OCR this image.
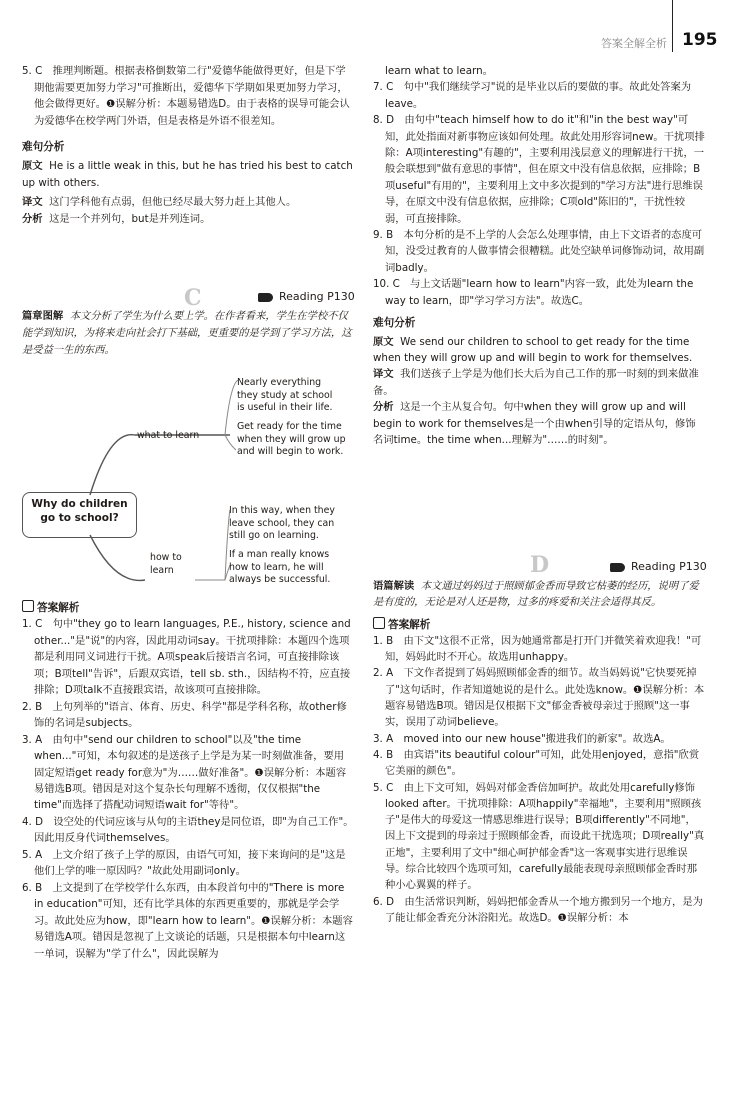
答案全解全析 195

5. C　推理判断题。根据表格倒数第二行"爱德华能做得更好，但是下学期他需要更加努力学习"可推断出，爱德华下学期如果更加努力学习，他会做得更好。❶误解分析：本题易错选D。由于表格的误导可能会认为爱德华在校学两门外语，但是表格是外语不很差知。

难句分析

原文 He is a little weak in this, but he has tried his best to catch up with others.

译文 这门学科他有点弱，但他已经尽最大努力赶上其他人。

分析 这是一个并列句，but是并列连词。

C	Reading P130

篇章图解 本文分析了学生为什么要上学。在作者看来，学生在学校不仅能学到知识，为将来走向社会打下基础，更重要的是学到了学习方法，这是受益一生的东西。

Why do children go to school?
what to learn
how to learn
Nearly everything they study at school is useful in their life.
Get ready for the time when they will grow up and will begin to work.
In this way, when they leave school, they can still go on learning.
If a man really knows how to learn, he will always be successful.

答案解析

1. C　句中"they go to learn languages, P.E., history, science and other..."是"说"的内容，因此用动词say。干扰项排除：本题四个选项都是利用同义词进行干扰。A项speak后接语言名词，可直接排除该项；B项tell"告诉"，后跟双宾语，tell sb. sth.，因结构不符，应直接排除；D项talk不直接跟宾语，故该项可直接排除。

2. B　上句列举的"语言、体育、历史、科学"都是学科名称，故other修饰的名词是subjects。

3. A　由句中"send our children to school"以及"the time when..."可知，本句叙述的是送孩子上学是为某一时刻做准备，要用固定短语get ready for意为"为……做好准备"。❶误解分析：本题容易错选B项。错因是对这个复杂长句理解不透彻，仅仅根据"the time"而选择了搭配动词短语wait for"等待"。

4. D　设空处的代词应该与从句的主语they是同位语，即"为自己工作"。因此用反身代词themselves。

5. A　上文介绍了孩子上学的原因，由语气可知，接下来询问的是"这是他们上学的唯一原因吗？"故此处用副词only。

6. B　上文提到了在学校学什么东西，由本段首句中的"There is more in education"可知，还有比学具体的东西更重要的，那就是学会学习。故此处应为how，即"learn how to learn"。❶误解分析：本题容易错选A项。错因是忽视了上文谈论的话题，只是根据本句中learn这一单词，误解为"学了什么"，因此误解为

learn what to learn。

7. C　句中"我们继续学习"说的是毕业以后的要做的事。故此处答案为leave。

8. D　由句中"teach himself how to do it"和"in the best way"可知，此处指面对新事物应该如何处理。故此处用形容词new。干扰项排除：A项interesting"有趣的"，主要利用浅层意义的理解进行干扰，一般会联想到"做有意思的事情"，但在原文中没有信息依据，应排除；B项useful"有用的"，主要利用上文中多次提到的"学习方法"进行思维误导，在原文中没有信息依据，应排除；C项old"陈旧的"，干扰性较弱，可直接排除。

9. B　本句分析的是不上学的人会怎么处理事情，由上下文语者的态度可知，没受过教育的人做事情会很糟糕。此处空缺单词修饰动词，故用副词badly。

10. C　与上文话题"learn how to learn"内容一致，此处为learn the way to learn，即"学习学习方法"。故选C。

难句分析

原文 We send our children to school to get ready for the time when they will grow up and will begin to work for themselves.

译文 我们送孩子上学是为他们长大后为自己工作的那一时刻的到来做准备。

分析 这是一个主从复合句。句中when they will grow up and will begin to work for themselves是一个由when引导的定语从句，修饰名词time。the time when...理解为"……的时刻"。

D	Reading P130

语篇解读 本文通过妈妈过于照顾郁金香而导致它枯萎的经历，说明了爱是有度的，无论是对人还是物，过多的疼爱和关注会适得其反。

答案解析

1. B　由下文"这很不正常，因为她通常都是打开门并微笑着欢迎我！"可知，妈妈此时不开心。故选用unhappy。

2. A　下文作者提到了妈妈照顾郁金香的细节。故当妈妈说"它快要死掉了"这句话时，作者知道她说的是什么。此处选know。❶误解分析：本题容易错选B项。错因是仅根据下文"郁金香被母亲过于照顾"这一事实，误用了动词believe。

3. A　moved into our new house"搬进我们的新家"。故选A。

4. B　由宾语"its beautiful colour"可知，此处用enjoyed，意指"欣赏它美丽的颜色"。

5. C　由上下文可知，妈妈对郁金香倍加呵护。故此处用carefully修饰looked after。干扰项排除：A项happily"幸福地"，主要利用"照顾孩子"是伟大的母爱这一情感思维进行误导；B项differently"不同地"，因上下文提到的母亲过于照顾郁金香，而设此干扰选项；D项really"真正地"，主要利用了文中"细心呵护郁金香"这一客观事实进行思维误导。综合比较四个选项可知，carefully最能表现母亲照顾郁金香时那种小心翼翼的样子。

6. D　由生活常识判断，妈妈把郁金香从一个地方搬到另一个地方，是为了能让郁金香充分沐浴阳光。故选D。❶误解分析：本
